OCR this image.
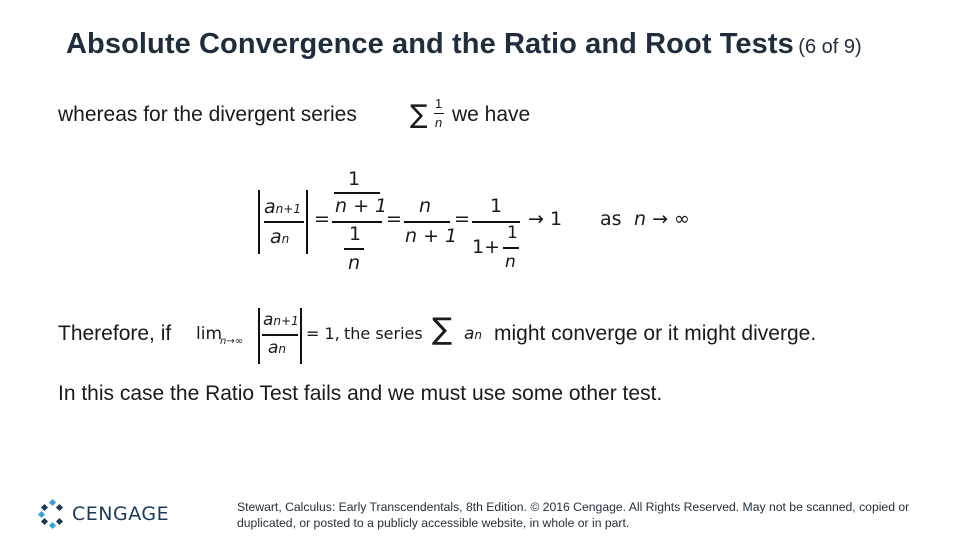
Absolute Convergence and the Ratio and Root Tests (6 of 9)
whereas for the divergent series ∑ 1
n we have
an+1
an
=
1
n + 1
1
n
=
n
n + 1
=
1
1+
1
n
→ 1 as n → ∞
Therefore, if lim
n→∞
an+1
an
= 1, the series ∑ an might converge or it might diverge.
In this case the Ratio Test fails and we must use some other test.
CENGAGE	Stewart, Calculus: Early Transcendentals, 8th Edition. © 2016 Cengage. All Rights Reserved. May not be scanned, copied or duplicated, or posted to a publicly accessible website, in whole or in part.
